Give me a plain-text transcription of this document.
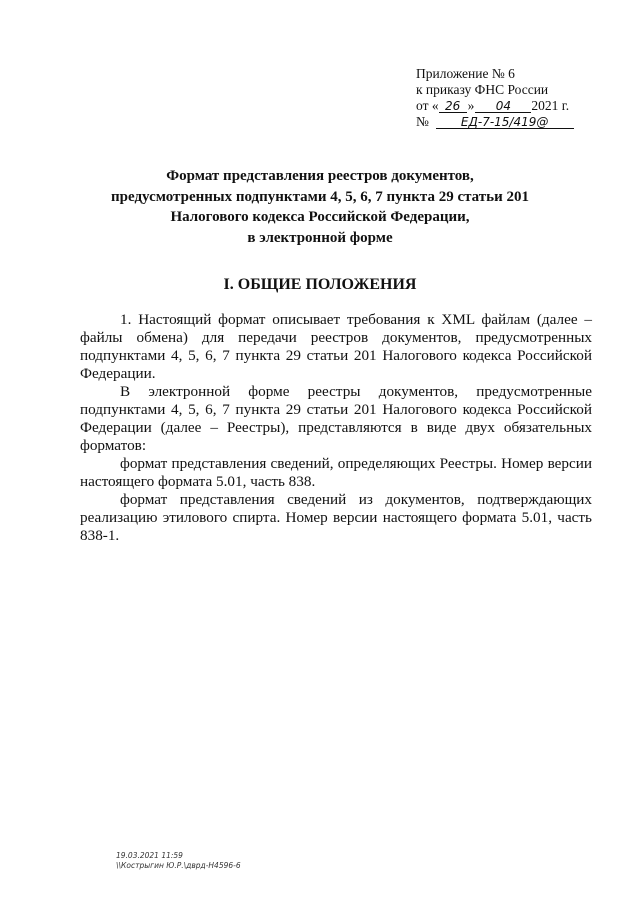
Приложение № 6
к приказу ФНС России
от « 26 » 04 2021 г.
№	ЕД-7-15/419@
Формат представления реестров документов,
предусмотренных подпунктами 4, 5, 6, 7 пункта 29 статьи 201
Налогового кодекса Российской Федерации,
в электронной форме
I. ОБЩИЕ ПОЛОЖЕНИЯ

1. Настоящий формат описывает требования к XML файлам (далее – файлы обмена) для передачи реестров документов, предусмотренных подпунктами 4, 5, 6, 7 пункта 29 статьи 201 Налогового кодекса Российской Федерации.

В электронной форме реестры документов, предусмотренные подпунктами 4, 5, 6, 7 пункта 29 статьи 201 Налогового кодекса Российской Федерации (далее – Реестры), представляются в виде двух обязательных форматов:

формат представления сведений, определяющих Реестры. Номер версии настоящего формата 5.01, часть 838.

формат представления сведений из документов, подтверждающих реализацию этилового спирта. Номер версии настоящего формата 5.01, часть 838-1.

19.03.2021 11:59
\\Кострыгин Ю.Р.\дврд-Н4596-6
